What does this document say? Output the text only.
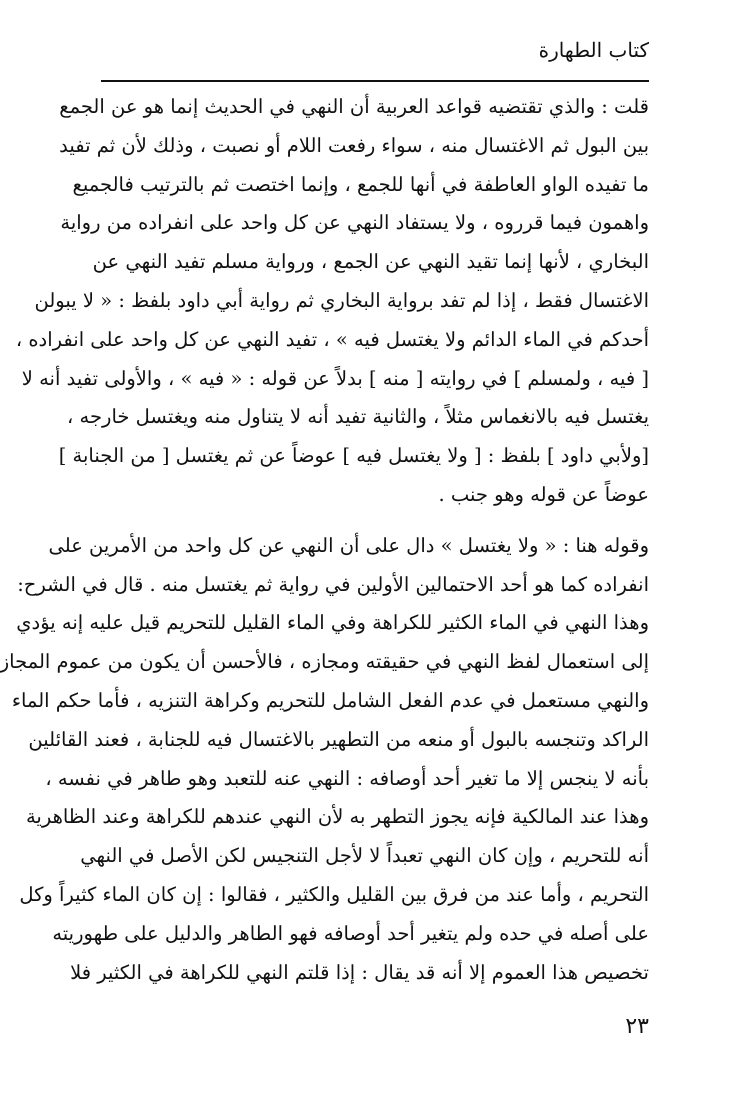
كتاب الطهارة

قلت : والذي تقتضيه قواعد العربية أن النهي في الحديث إنما هو عن الجمع
بين البول ثم الاغتسال منه ، سواء رفعت اللام أو نصبت ، وذلك لأن ثم تفيد
ما تفيده الواو العاطفة في أنها للجمع ، وإنما اختصت ثم بالترتيب فالجميع
واهمون فيما قرروه ، ولا يستفاد النهي عن كل واحد على انفراده من رواية
البخاري ، لأنها إنما تقيد النهي عن الجمع ، ورواية مسلم تفيد النهي عن
الاغتسال فقط ، إذا لم تفد برواية البخاري ثم رواية أبي داود بلفظ : « لا يبولن
أحدكم في الماء الدائم ولا يغتسل فيه » ، تفيد النهي عن كل واحد على انفراده ،
[ فيه ، ولمسلم ] في روايته [ منه ] بدلاً عن قوله : « فيه » ، والأولى تفيد أنه لا
يغتسل فيه بالانغماس مثلاً ، والثانية تفيد أنه لا يتناول منه ويغتسل خارجه ،
[ولأبي داود ] بلفظ : [ ولا يغتسل فيه ] عوضاً عن ثم يغتسل [ من الجنابة ]
عوضاً عن قوله وهو جنب .

وقوله هنا : « ولا يغتسل » دال على أن النهي عن كل واحد من الأمرين على
انفراده كما هو أحد الاحتمالين الأولين في رواية ثم يغتسل منه . قال في الشرح:
وهذا النهي في الماء الكثير للكراهة وفي الماء القليل للتحريم قيل عليه إنه يؤدي
إلى استعمال لفظ النهي في حقيقته ومجازه ، فالأحسن أن يكون من عموم المجاز
والنهي مستعمل في عدم الفعل الشامل للتحريم وكراهة التنزيه ، فأما حكم الماء
الراكد وتنجسه بالبول أو منعه من التطهير بالاغتسال فيه للجنابة ، فعند القائلين
بأنه لا ينجس إلا ما تغير أحد أوصافه : النهي عنه للتعبد وهو طاهر في نفسه ،
وهذا عند المالكية فإنه يجوز التطهر به لأن النهي عندهم للكراهة وعند الظاهرية
أنه للتحريم ، وإن كان النهي تعبداً لا لأجل التنجيس لكن الأصل في النهي
التحريم ، وأما عند من فرق بين القليل والكثير ، فقالوا : إن كان الماء كثيراً وكل
على أصله في حده ولم يتغير أحد أوصافه فهو الطاهر والدليل على طهوريته
تخصيص هذا العموم إلا أنه قد يقال : إذا قلتم النهي للكراهة في الكثير فلا

٢٣
